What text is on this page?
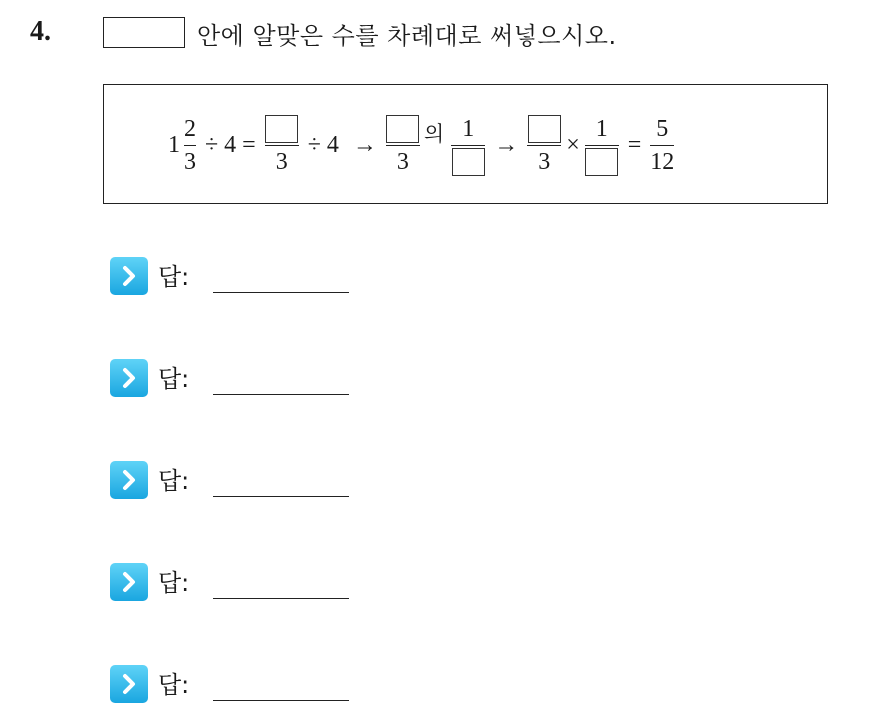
4.	안에 알맞은 수를 차례대로 써넣으시오.
$1 \frac{2}{3} \div 4$ =
3
÷ 4 →
3
의 1
→
3
×
1
= $\frac{5}{12}$
답:
답:
답:
답:
답:
